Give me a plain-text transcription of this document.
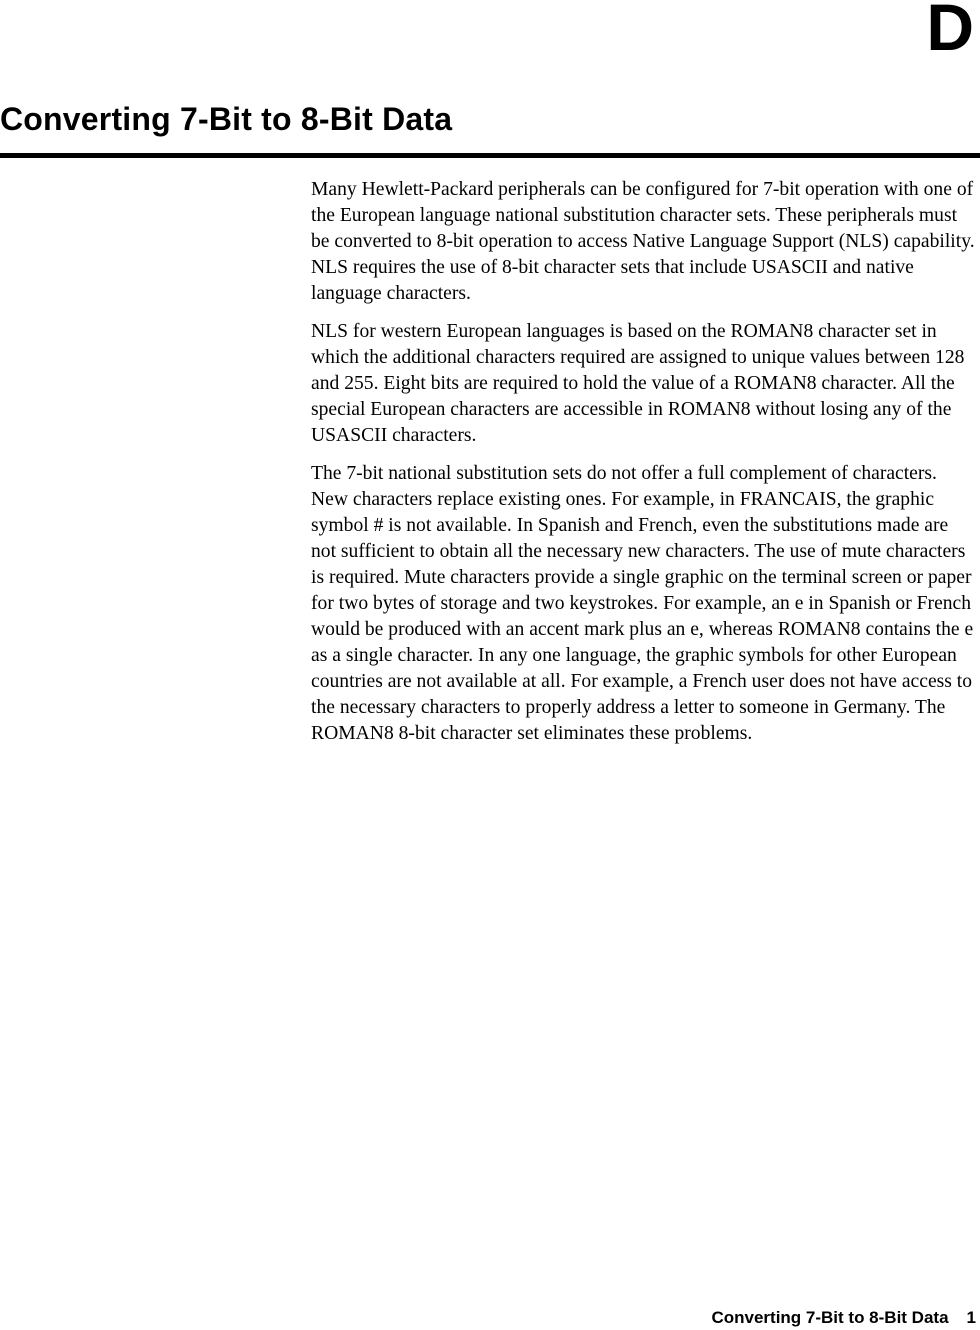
D
Converting 7-Bit to 8-Bit Data

Many Hewlett-Packard peripherals can be configured for 7-bit operation with one of the European language national substitution character sets. These peripherals must be converted to 8-bit operation to access Native Language Support (NLS) capability. NLS requires the use of 8-bit character sets that include USASCII and native language characters.

NLS for western European languages is based on the ROMAN8 character set in which the additional characters required are assigned to unique values between 128 and 255. Eight bits are required to hold the value of a ROMAN8 character. All the special European characters are accessible in ROMAN8 without losing any of the USASCII characters.

The 7-bit national substitution sets do not offer a full complement of characters. New characters replace existing ones. For example, in FRANCAIS, the graphic symbol # is not available. In Spanish and French, even the substitutions made are not sufficient to obtain all the necessary new characters. The use of mute characters is required. Mute characters provide a single graphic on the terminal screen or paper for two bytes of storage and two keystrokes. For example, an e in Spanish or French would be produced with an accent mark plus an e, whereas ROMAN8 contains the e as a single character. In any one language, the graphic symbols for other European countries are not available at all. For example, a French user does not have access to the necessary characters to properly address a letter to someone in Germany. The ROMAN8 8-bit character set eliminates these problems.

Converting 7-Bit to 8-Bit Data 1
